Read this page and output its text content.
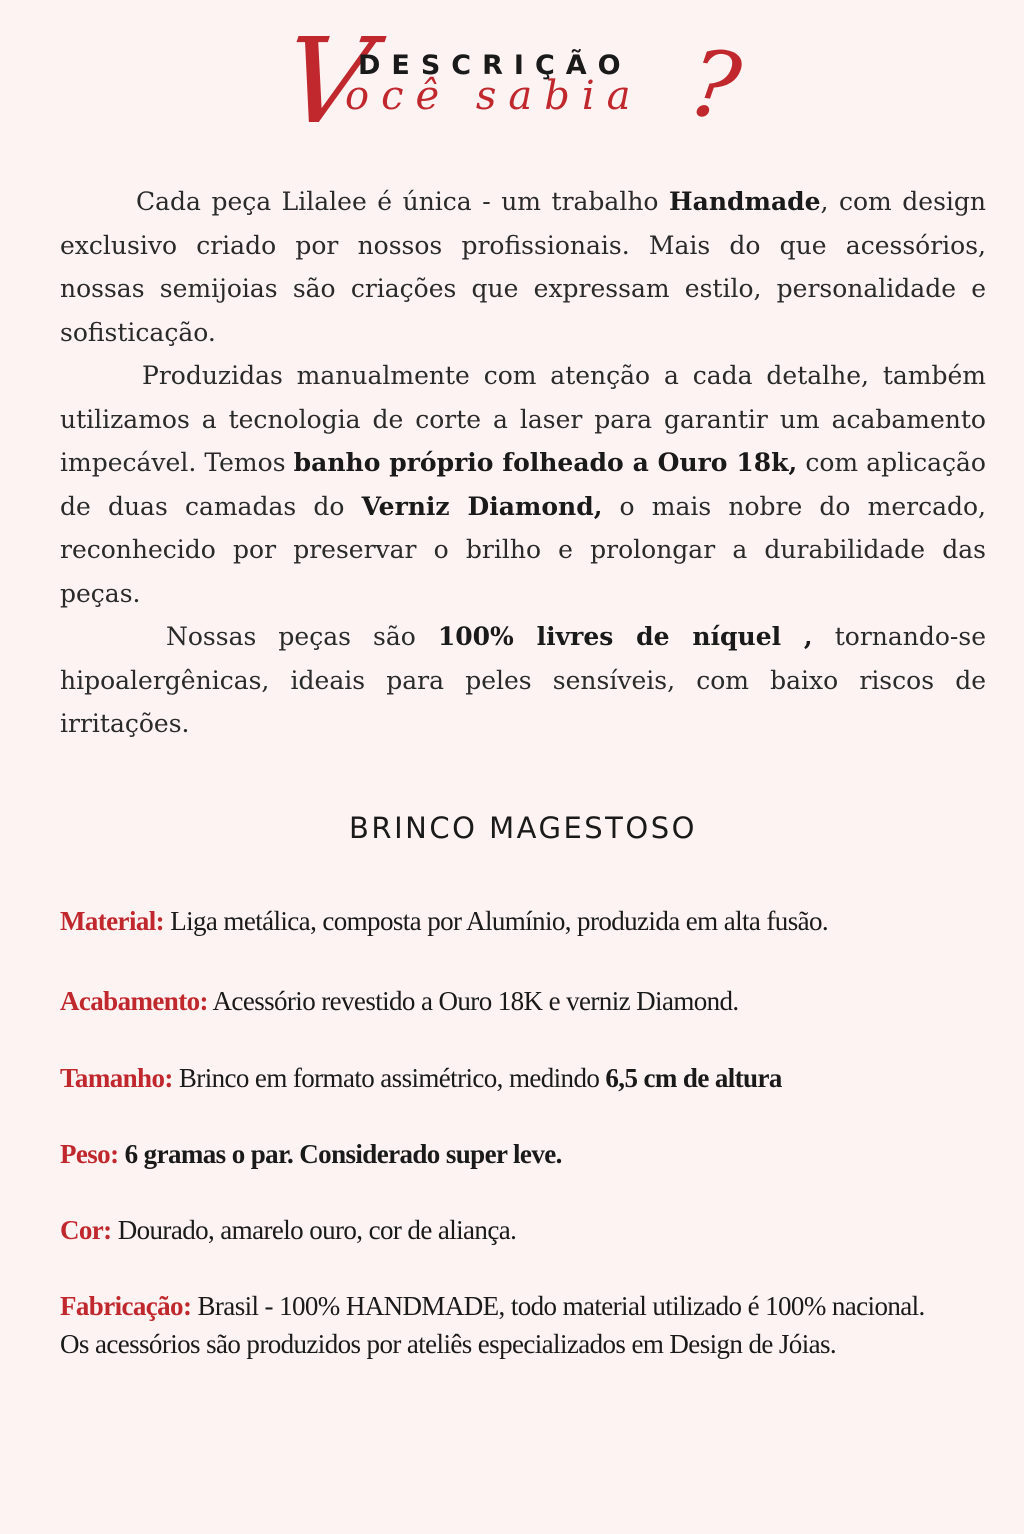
V
ocê sabia ?
DESCRIÇÃO

Cada peça Lilalee é única - um trabalho Handmade, com design exclusivo criado por nossos profissionais. Mais do que acessórios, nossas semijoias são criações que expressam estilo, personalidade e sofisticação.

Produzidas manualmente com atenção a cada detalhe, também utilizamos a tecnologia de corte a laser para garantir um acabamento impecável. Temos banho próprio folheado a Ouro 18k, com aplicação de duas camadas do Verniz Diamond, o mais nobre do mercado, reconhecido por preservar o brilho e prolongar a durabilidade das peças.

Nossas peças são 100% livres de níquel , tornando-se hipoalergênicas, ideais para peles sensíveis, com baixo riscos de irritações.

BRINCO MAGESTOSO
Material: Liga metálica, composta por Alumínio, produzida em alta fusão.
Acabamento: Acessório revestido a Ouro 18K e verniz Diamond.
Tamanho: Brinco em formato assimétrico, medindo 6,5 cm de altura
Peso: 6 gramas o par. Considerado super leve.
Cor: Dourado, amarelo ouro, cor de aliança.
Fabricação: Brasil - 100% HANDMADE, todo material utilizado é 100% nacional.
Os acessórios são produzidos por ateliês especializados em Design de Jóias.
